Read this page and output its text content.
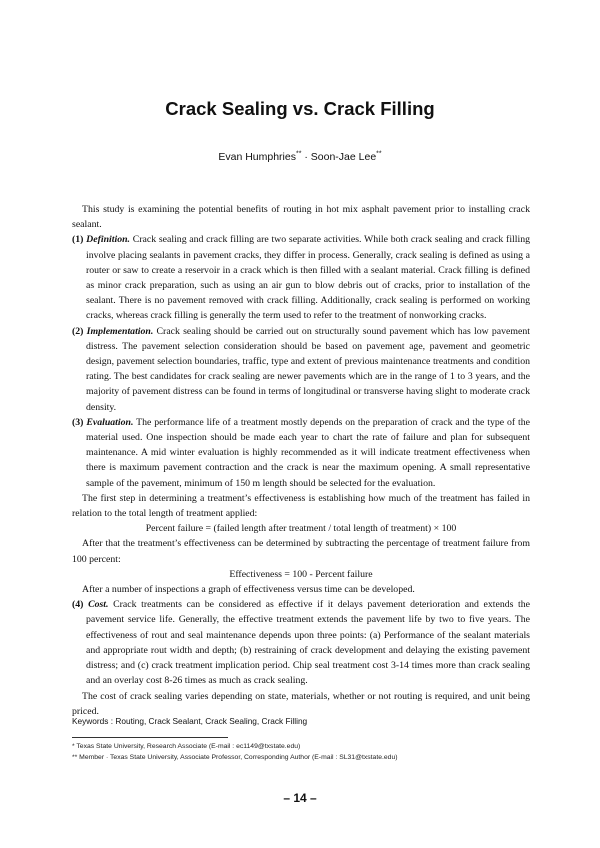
Crack Sealing vs. Crack Filling
Evan Humphries** · Soon-Jae Lee**

This study is examining the potential benefits of routing in hot mix asphalt pavement prior to installing crack sealant.

(1) Definition. Crack sealing and crack filling are two separate activities. While both crack sealing and crack filling involve placing sealants in pavement cracks, they differ in process. Generally, crack sealing is defined as using a router or saw to create a reservoir in a crack which is then filled with a sealant material. Crack filling is defined as minor crack preparation, such as using an air gun to blow debris out of cracks, prior to installation of the sealant. There is no pavement removed with crack filling. Additionally, crack sealing is performed on working cracks, whereas crack filling is generally the term used to refer to the treatment of nonworking cracks.

(2) Implementation. Crack sealing should be carried out on structurally sound pavement which has low pavement distress. The pavement selection consideration should be based on pavement age, pavement and geometric design, pavement selection boundaries, traffic, type and extent of previous maintenance treatments and condition rating. The best candidates for crack sealing are newer pavements which are in the range of 1 to 3 years, and the majority of pavement distress can be found in terms of longitudinal or transverse having slight to moderate crack density.

(3) Evaluation. The performance life of a treatment mostly depends on the preparation of crack and the type of the material used. One inspection should be made each year to chart the rate of failure and plan for subsequent maintenance. A mid winter evaluation is highly recommended as it will indicate treatment effectiveness when there is maximum pavement contraction and the crack is near the maximum opening. A small representative sample of the pavement, minimum of 150 m length should be selected for the evaluation.

The first step in determining a treatment’s effectiveness is establishing how much of the treatment has failed in relation to the total length of treatment applied:

Percent failure = (failed length after treatment / total length of treatment) × 100

After that the treatment’s effectiveness can be determined by subtracting the percentage of treatment failure from 100 percent:

Effectiveness = 100 - Percent failure

After a number of inspections a graph of effectiveness versus time can be developed.

(4) Cost. Crack treatments can be considered as effective if it delays pavement deterioration and extends the pavement service life. Generally, the effective treatment extends the pavement life by two to five years. The effectiveness of rout and seal maintenance depends upon three points: (a) Performance of the sealant materials and appropriate rout width and depth; (b) restraining of crack development and delaying the existing pavement distress; and (c) crack treatment implication period. Chip seal treatment cost 3-14 times more than crack sealing and an overlay cost 8-26 times as much as crack sealing.

The cost of crack sealing varies depending on state, materials, whether or not routing is required, and unit being priced.

Keywords : Routing, Crack Sealant, Crack Sealing, Crack Filling
* Texas State University, Research Associate (E-mail : ec1149@txstate.edu)
** Member · Texas State University, Associate Professor, Corresponding Author (E-mail : SL31@txstate.edu)
– 14 –
